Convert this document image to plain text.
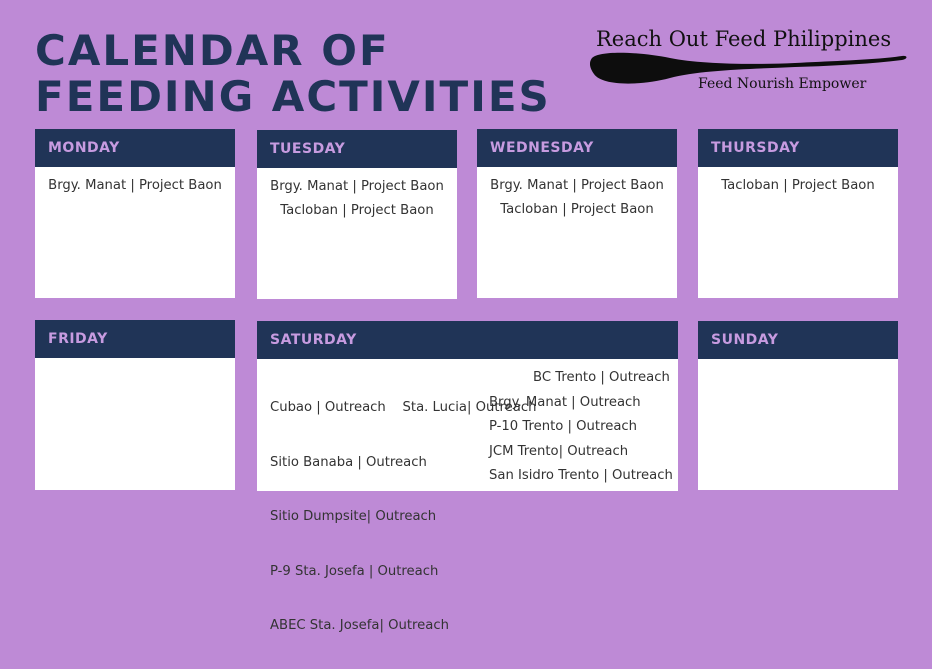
CALENDAR OF
FEEDING ACTIVITIES
Reach Out Feed Philippines
Feed Nourish Empower
MONDAY
Brgy. Manat | Project Baon
TUESDAY
Brgy. Manat | Project Baon
Tacloban | Project Baon
WEDNESDAY
Brgy. Manat | Project Baon
Tacloban | Project Baon
THURSDAY
Tacloban | Project Baon
FRIDAY	SATURDAY

Cubao | Outreach    Sta. Lucia| Outreach

Sitio Banaba | Outreach

Sitio Dumpsite| Outreach

P-9 Sta. Josefa | Outreach

ABEC Sta. Josefa| Outreach

BC Trento | Outreach
Brgy. Manat | Outreach
P-10 Trento | Outreach
JCM Trento| Outreach
San Isidro Trento | Outreach
SUNDAY
